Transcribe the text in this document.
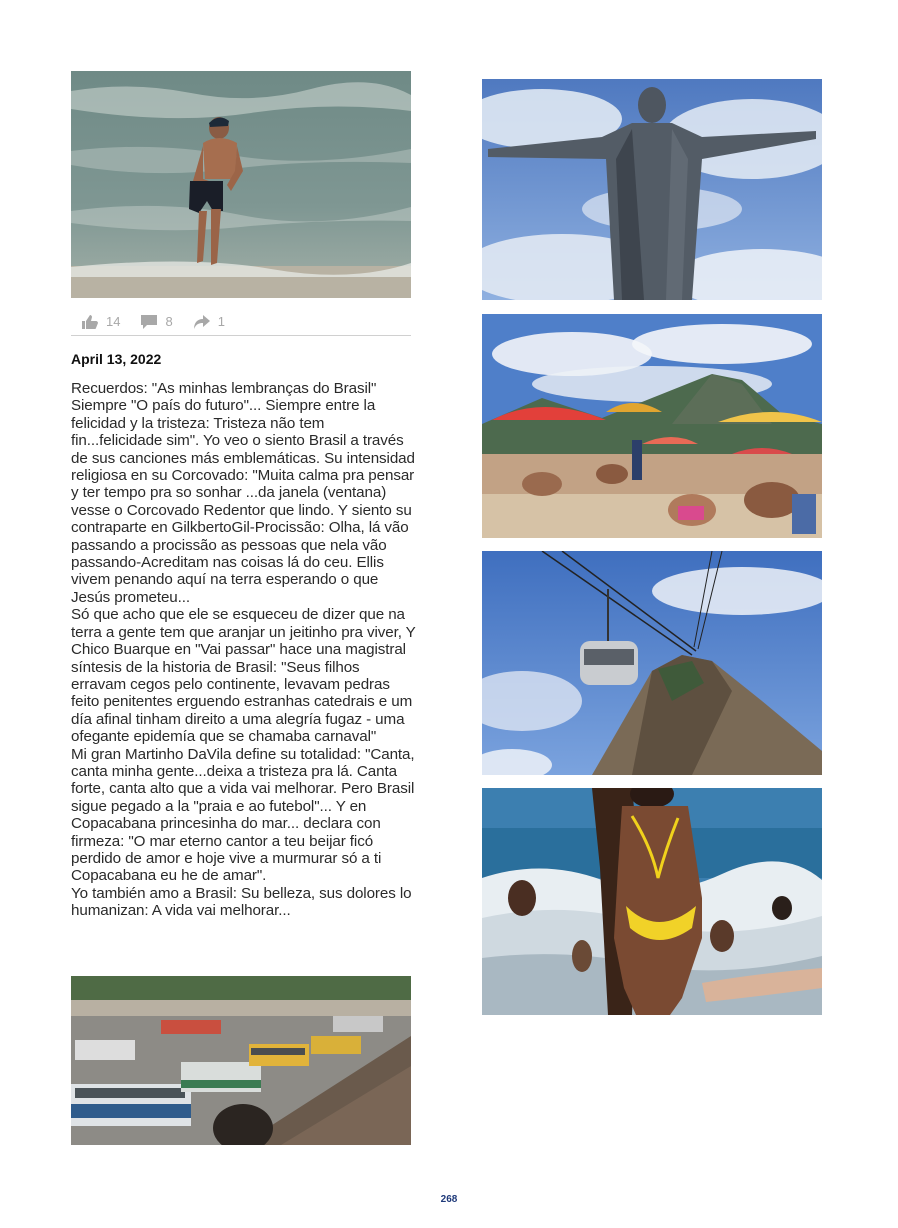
14	8	1
April 13, 2022

Recuerdos: "As minhas lembranças do Brasil" Siempre "O país do futuro"... Siempre entre la felicidad y la tristeza: Tristeza não tem fin...felicidade sim". Yo veo o siento Brasil a través de sus canciones más emblemáticas. Su intensidad religiosa en su Corcovado: "Muita calma pra pensar y ter tempo pra so sonhar ...da janela (ventana) vesse o Corcovado Redentor que lindo. Y siento su contraparte en GilkbertoGil-Procissão: Olha, lá vão passando a procissão as pessoas que nela vão passando-Acreditam nas coisas lá do ceu. Ellis vivem penando aquí na terra esperando o que Jesús prometeu...

Só que acho que ele se esqueceu de dizer que na terra a gente tem que aranjar un jeitinho pra viver, Y Chico Buarque en "Vai passar" hace una magistral síntesis de la historia de Brasil: "Seus filhos erravam cegos pelo continente, levavam pedras feito penitentes erguendo estranhas catedrais e um día afinal tinham direito a uma alegría fugaz - uma ofegante epidemía que se chamaba carnaval"

Mi gran Martinho DaVila define su totalidad: "Canta, canta minha gente...deixa a tristeza pra lá. Canta forte, canta alto que a vida vai melhorar. Pero Brasil sigue pegado a la "praia e ao futebol"... Y en Copacabana princesinha do mar... declara con firmeza: "O mar eterno cantor a teu beijar ficó perdido de amor e hoje vive a murmurar só a ti Copacabana eu he de amar".

Yo también amo a Brasil: Su belleza, sus dolores lo humanizan: A vida vai melhorar...

268
